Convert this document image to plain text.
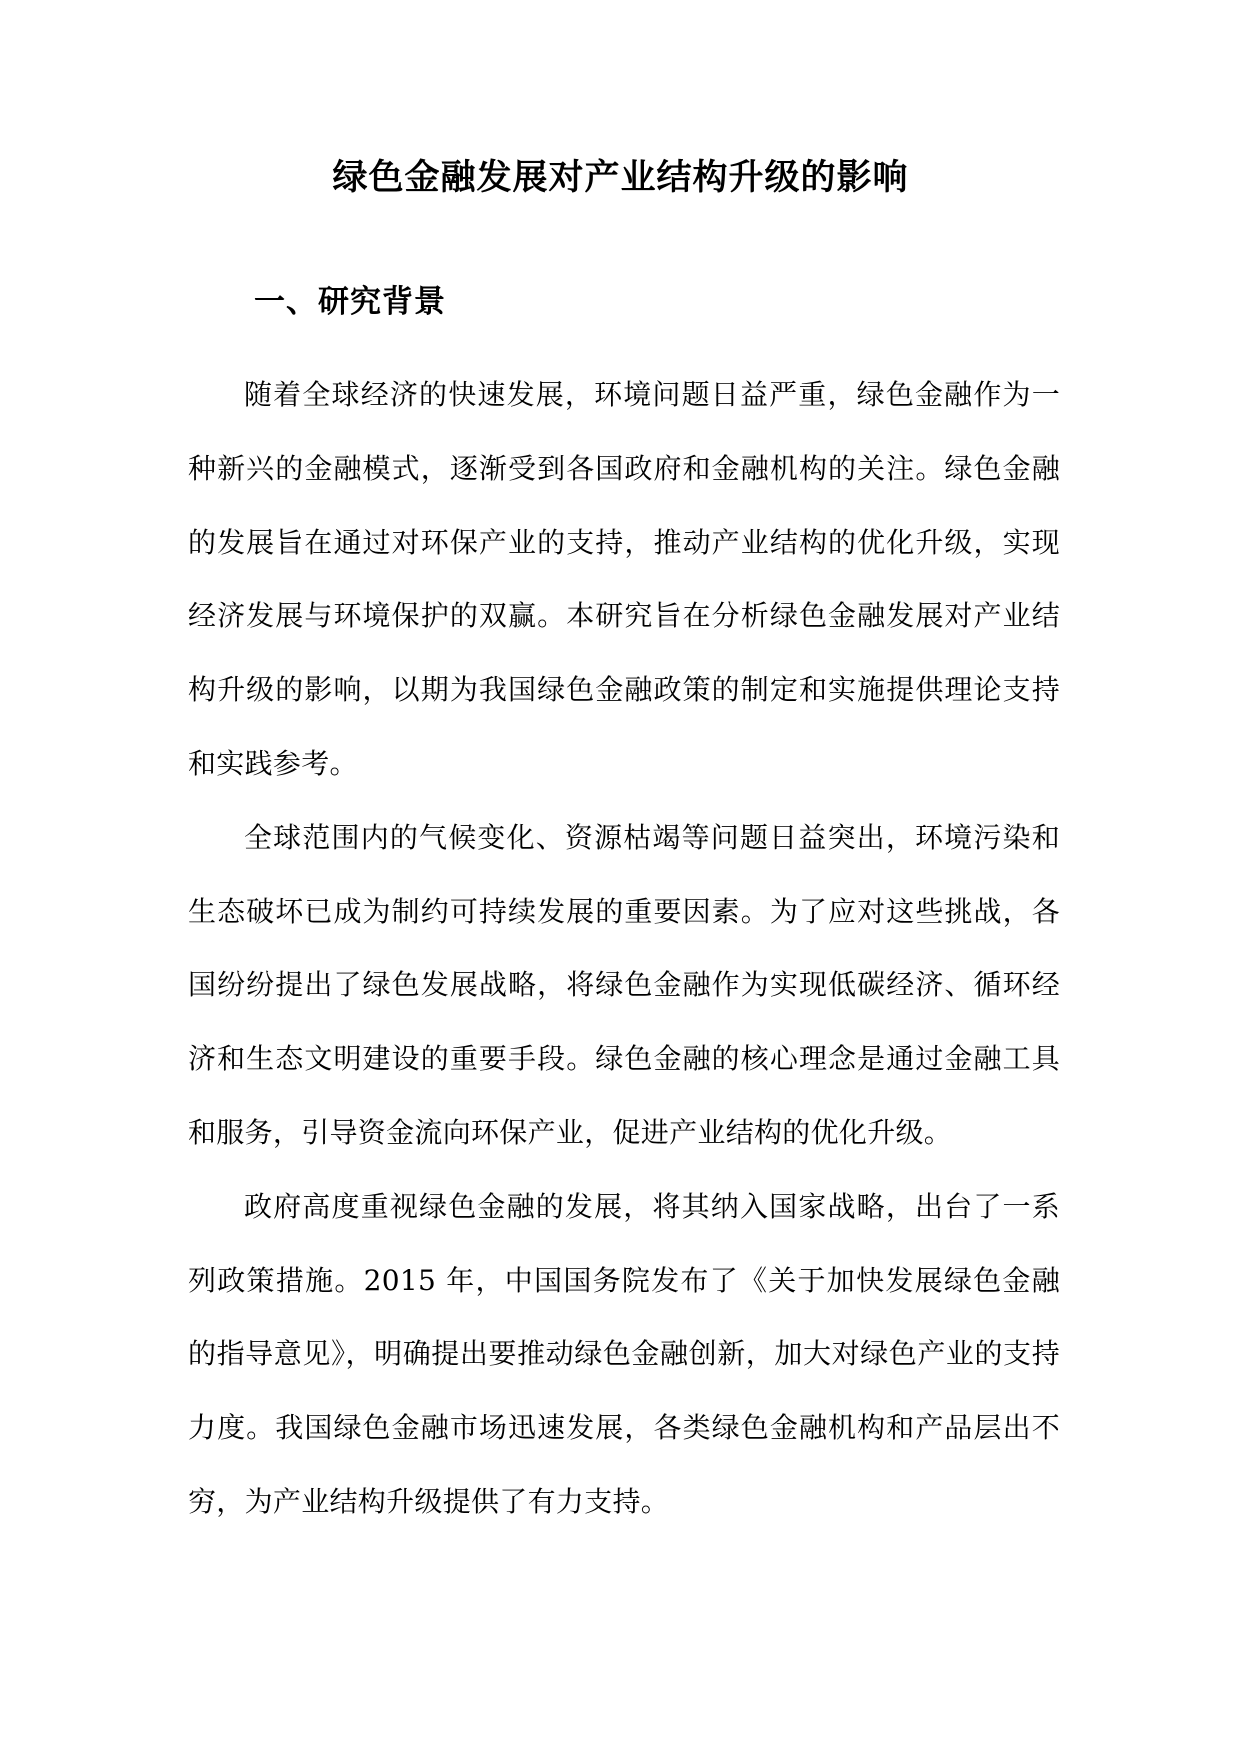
绿色金融发展对产业结构升级的影响
一、研究背景

随着全球经济的快速发展，环境问题日益严重，绿色金融作为一种新兴的金融模式，逐渐受到各国政府和金融机构的关注。绿色金融的发展旨在通过对环保产业的支持，推动产业结构的优化升级，实现经济发展与环境保护的双赢。本研究旨在分析绿色金融发展对产业结构升级的影响，以期为我国绿色金融政策的制定和实施提供理论支持和实践参考。

全球范围内的气候变化、资源枯竭等问题日益突出，环境污染和生态破坏已成为制约可持续发展的重要因素。为了应对这些挑战，各国纷纷提出了绿色发展战略，将绿色金融作为实现低碳经济、循环经济和生态文明建设的重要手段。绿色金融的核心理念是通过金融工具和服务，引导资金流向环保产业，促进产业结构的优化升级。

政府高度重视绿色金融的发展，将其纳入国家战略，出台了一系列政策措施。2015 年，中国国务院发布了《关于加快发展绿色金融的指导意见》，明确提出要推动绿色金融创新，加大对绿色产业的支持力度。我国绿色金融市场迅速发展，各类绿色金融机构和产品层出不穷，为产业结构升级提供了有力支持。
